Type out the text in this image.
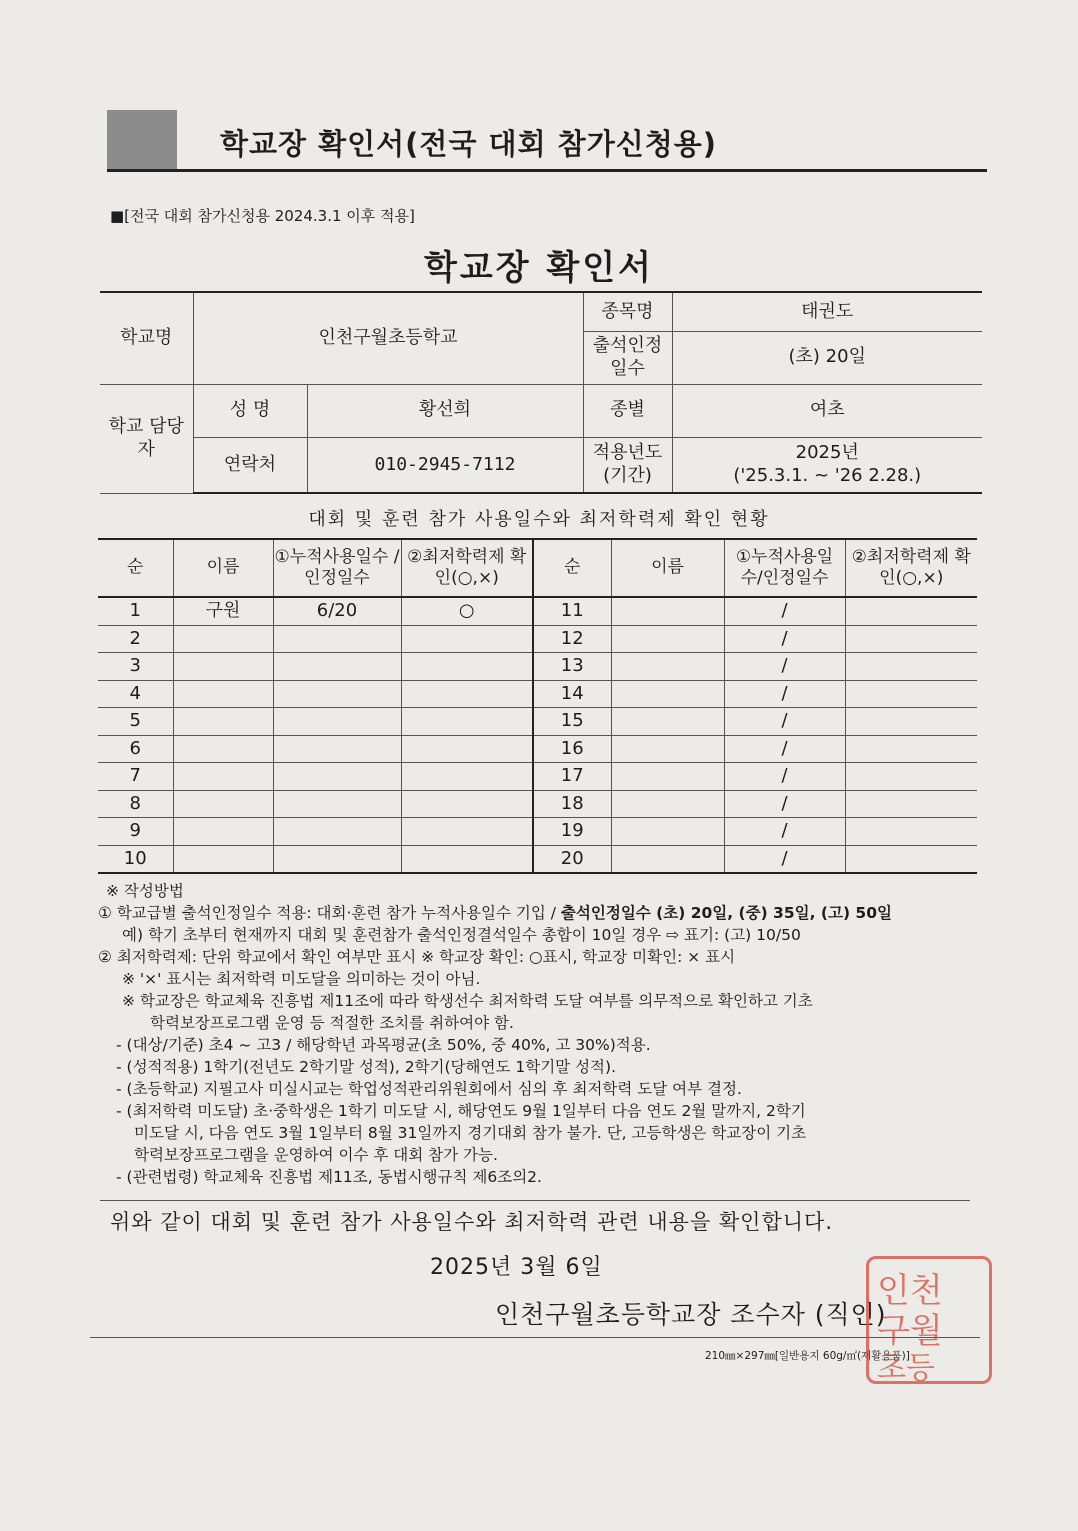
학교장 확인서(전국 대회 참가신청용)
■[전국 대회 참가신청용 2024.3.1 이후 적용]
학교장 확인서
학교명	인천구월초등학교		종목명	태권도
			출석인정 일수	(초) 20일
학교 담당자	성 명	황선희	종별	여초
	연락처	010-2945-7112	적용년도 (기간)	2025년
('25.3.1. ~ '26 2.28.)
대회 및 훈련 참가 사용일수와 최저학력제 확인 현황
순	이름	①누적사용일수 /인정일수	②최저학력제 확인(○,×)	순	이름	①누적사용일 수/인정일수	②최저학력제 확인(○,×)
1	구원	6/20	○	11		/	
2				12		/	
3				13		/	
4				14		/	
5				15		/	
6				16		/	
7				17		/	
8				18		/	
9				19		/	
10				20		/	
※ 작성방법
① 학교급별 출석인정일수 적용: 대회·훈련 참가 누적사용일수 기입 / 출석인정일수 (초) 20일, (중) 35일, (고) 50일
예) 학기 초부터 현재까지 대회 및 훈련참가 출석인정결석일수 총합이 10일 경우 ⇨ 표기: (고) 10/50
② 최저학력제: 단위 학교에서 확인 여부만 표시 ※ 학교장 확인: ○표시, 학교장 미확인: × 표시
※ '×' 표시는 최저학력 미도달을 의미하는 것이 아님.
※ 학교장은 학교체육 진흥법 제11조에 따라 학생선수 최저학력 도달 여부를 의무적으로 확인하고 기초
학력보장프로그램 운영 등 적절한 조치를 취하여야 함.
- (대상/기준) 초4 ~ 고3 / 해당학년 과목평균(초 50%, 중 40%, 고 30%)적용.
- (성적적용) 1학기(전년도 2학기말 성적), 2학기(당해연도 1학기말 성적).
- (초등학교) 지필고사 미실시교는 학업성적관리위원회에서 심의 후 최저학력 도달 여부 결정.
- (최저학력 미도달) 초·중학생은 1학기 미도달 시, 해당연도 9월 1일부터 다음 연도 2월 말까지, 2학기
미도달 시, 다음 연도 3월 1일부터 8월 31일까지 경기대회 참가 불가. 단, 고등학생은 학교장이 기초
학력보장프로그램을 운영하여 이수 후 대회 참가 가능.
- (관련법령) 학교체육 진흥법 제11조, 동법시행규칙 제6조의2.
위와 같이 대회 및 훈련 참가 사용일수와 최저학력 관련 내용을 확인합니다.
2025년 3월 6일
인천구월초등학교장 조수자 (직인)
210㎜×297㎜[일반용지 60g/㎡(재활용품)]
인천
구월
초등
